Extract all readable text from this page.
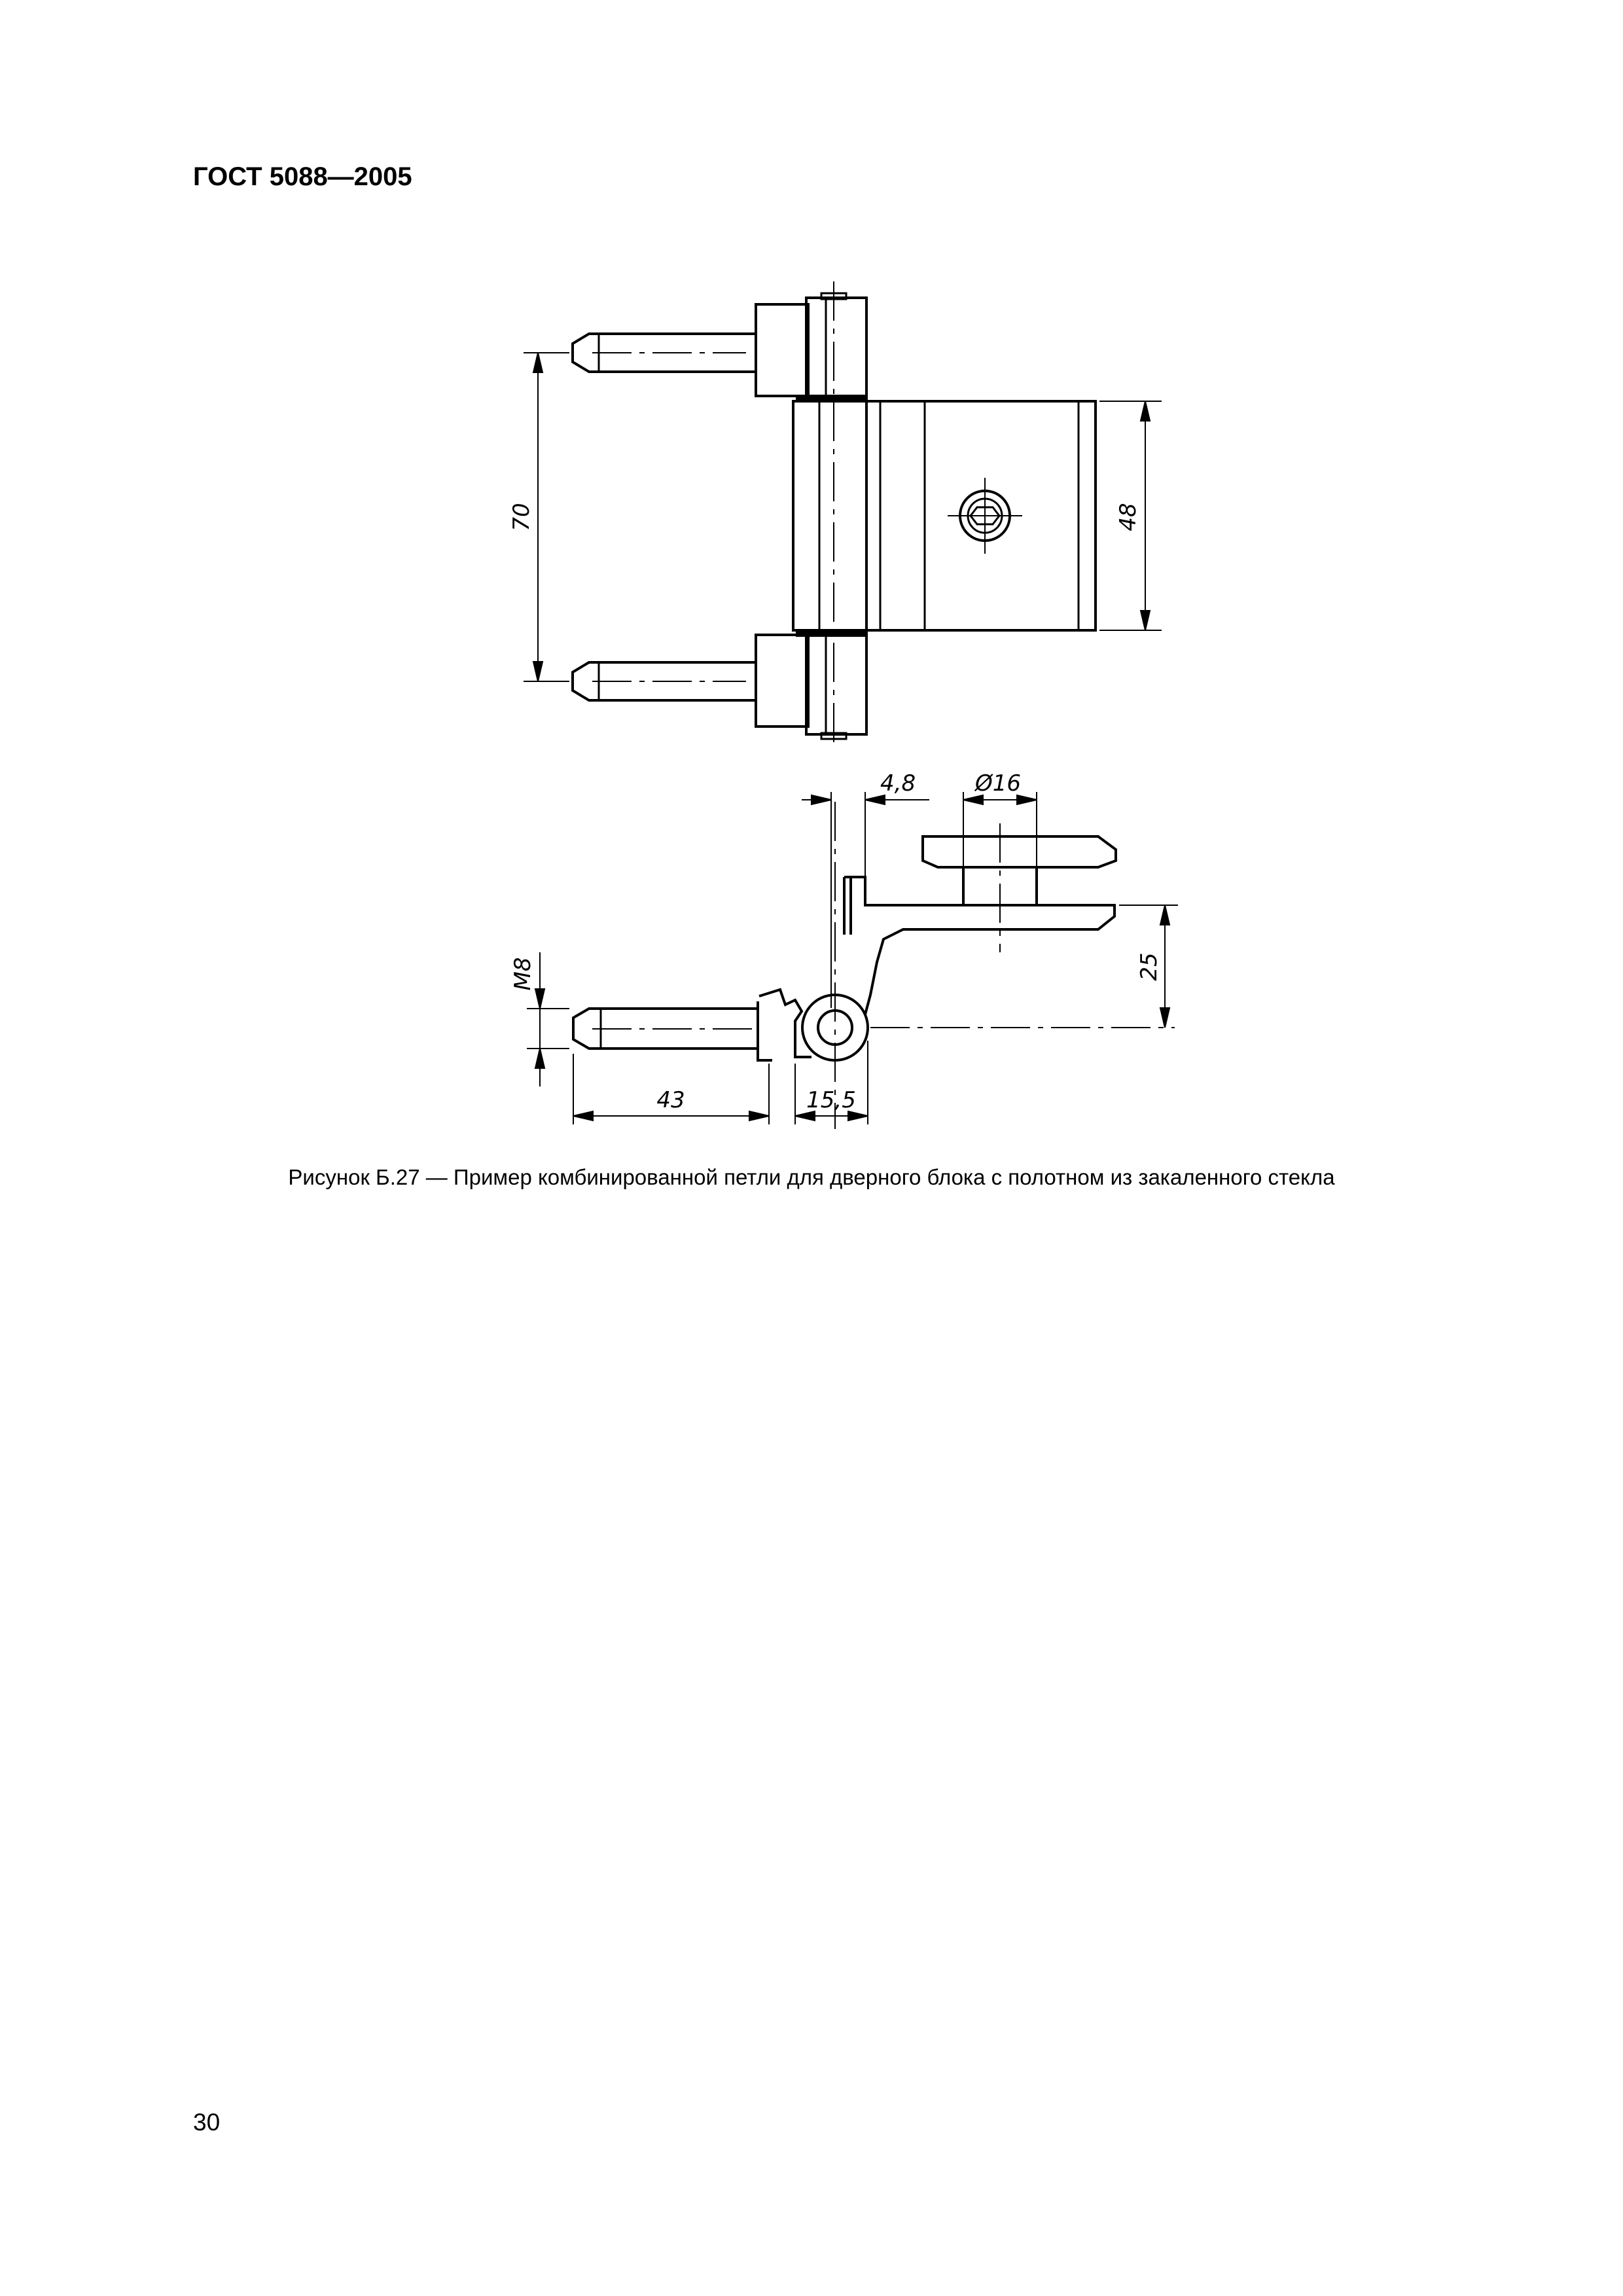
ГОСТ 5088—2005
70	48
4,8	Ø16
25
M8
43	15,5
Рисунок Б.27 — Пример комбинированной петли для дверного блока с полотном из закаленного стекла
30
